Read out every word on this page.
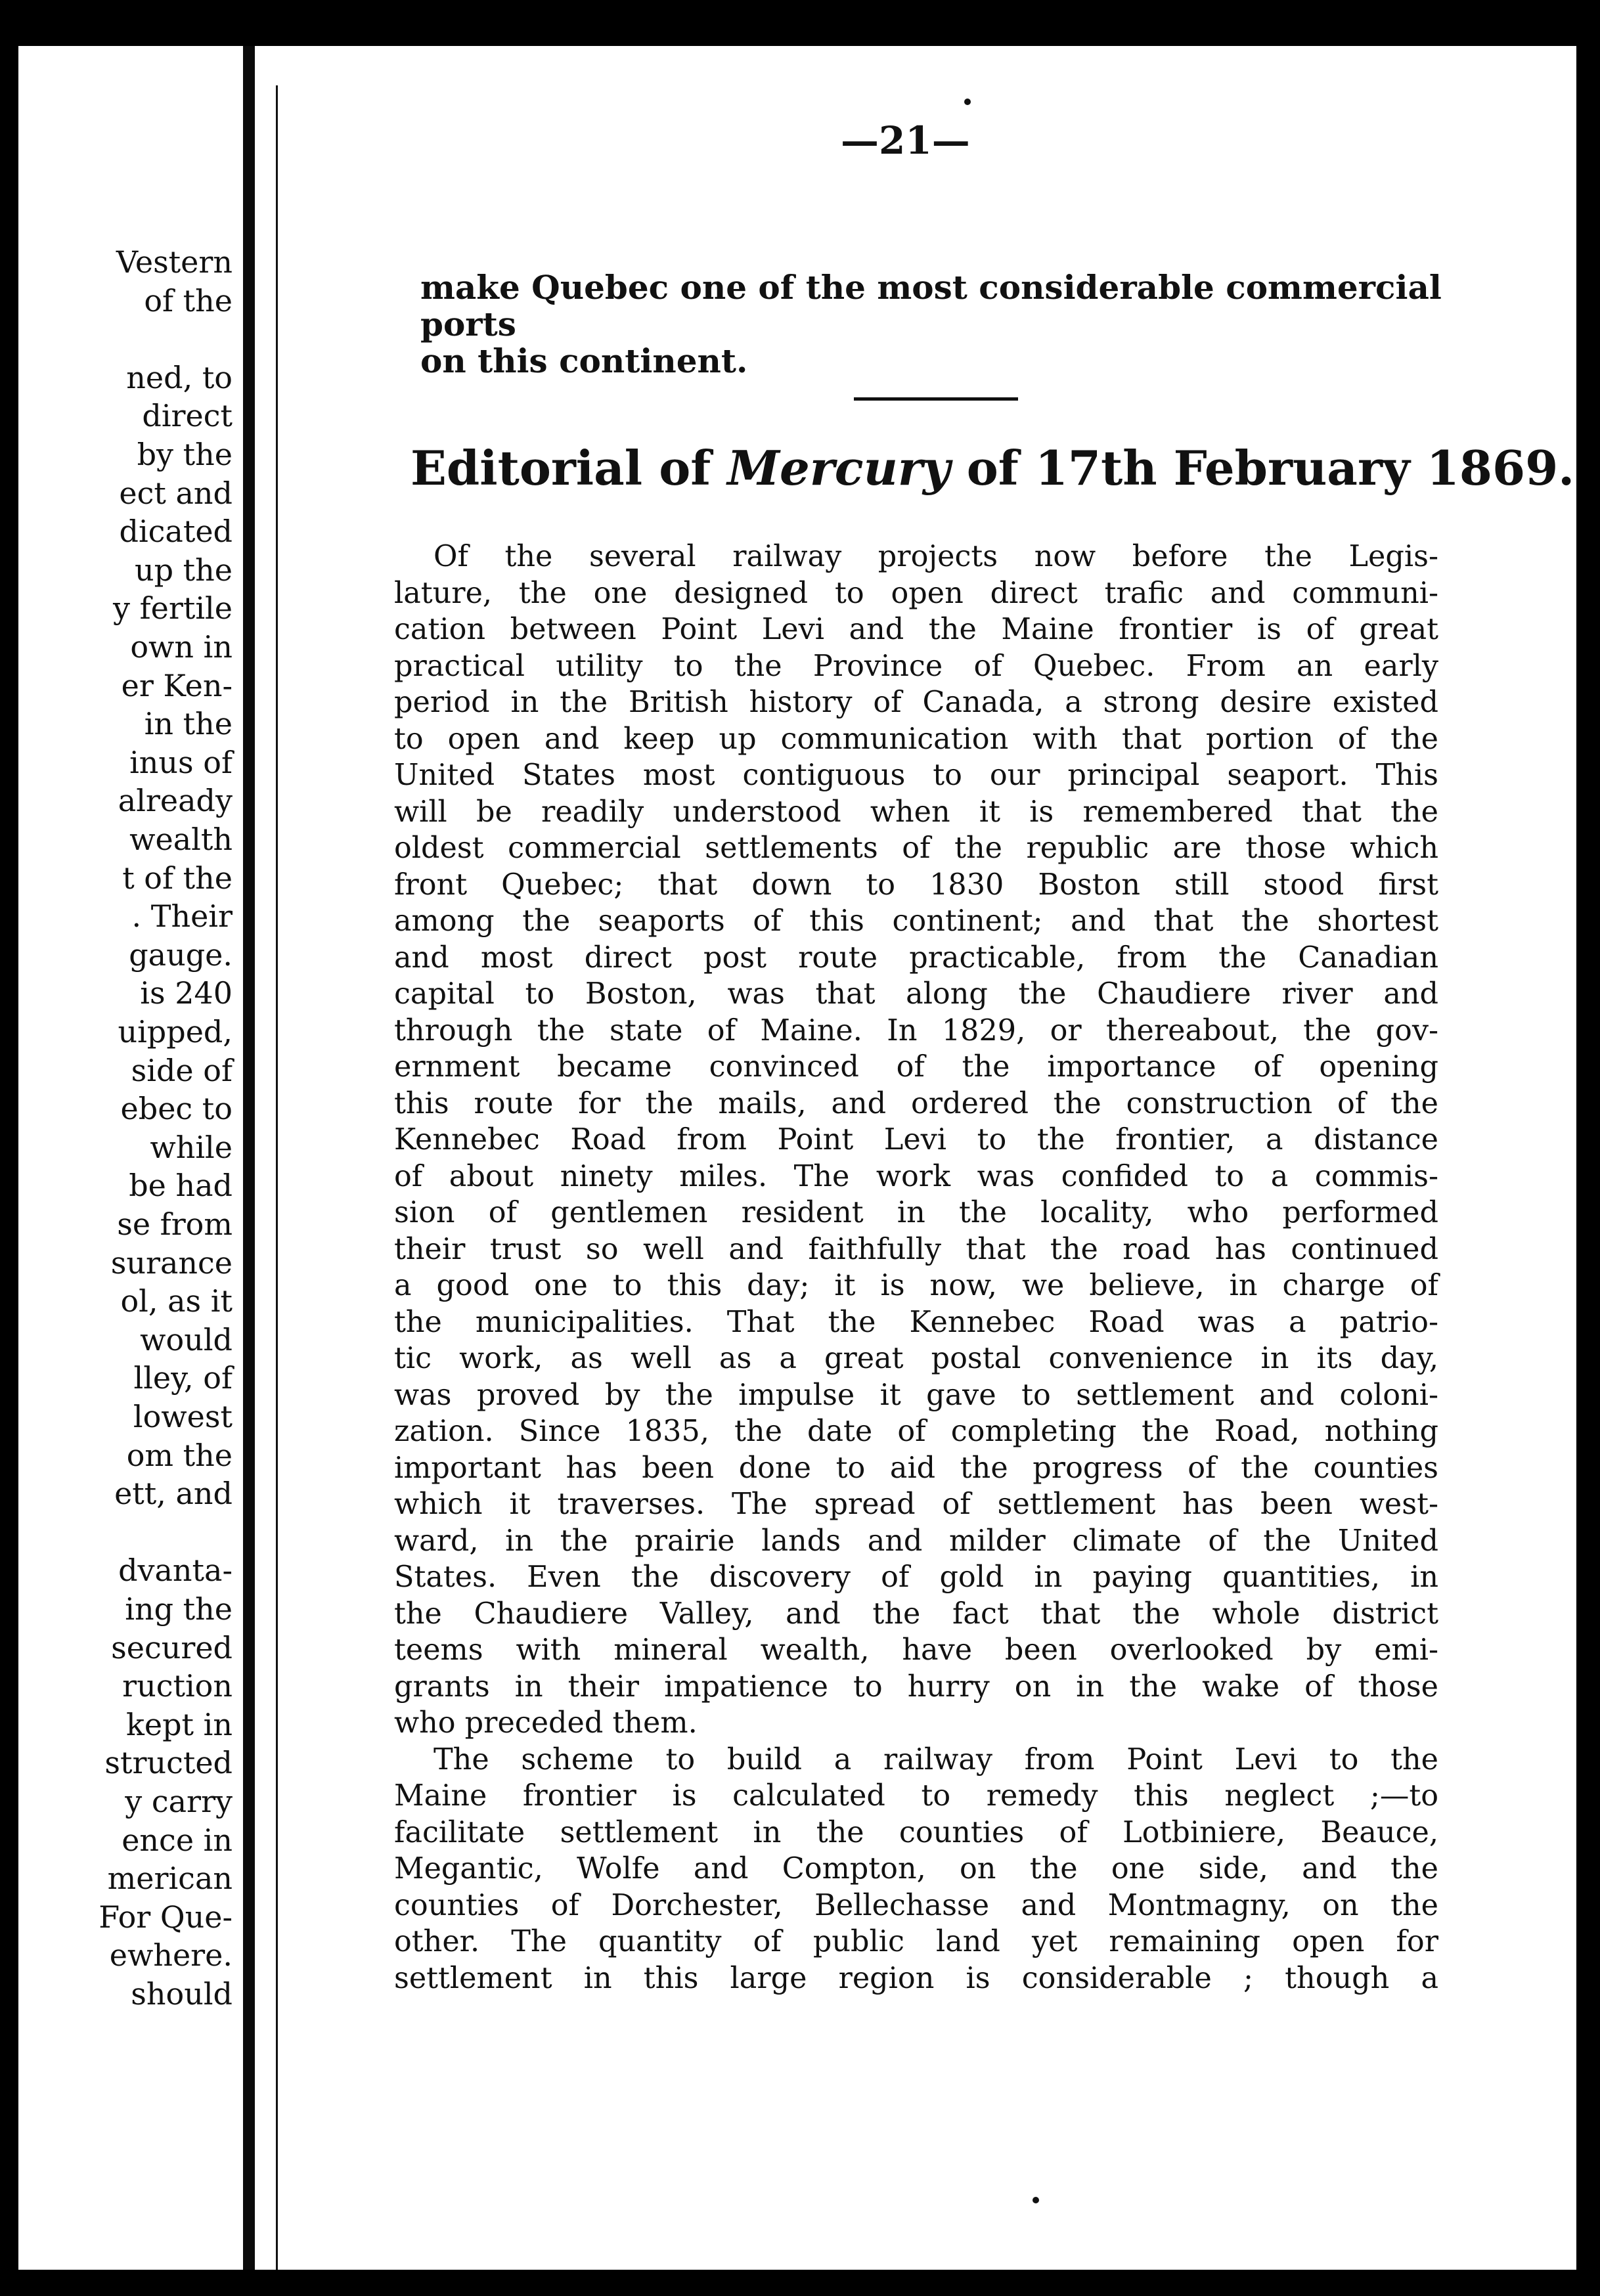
Vestern
of the
ned, to
direct
by the
ect and
dicated
up the
y fertile
own in
er Ken-
in the
inus of
already
wealth
t of the
. Their
gauge.
is 240
uipped,
side of
ebec to
while
be had
se from
surance
ol, as it
would
lley, of
lowest
om the
ett, and
dvanta-
ing the
secured
ruction
kept in
structed
y carry
ence in
merican
For Que-
ewhere.
should
—21—
make Quebec one of the most considerable commercial ports
on this continent.
Editorial of Mercury of 17th February 1869.
Of the several railway projects now before the Legis-
lature, the one designed to open direct trafic and communi-
cation between Point Levi and the Maine frontier is of great
practical utility to the Province of Quebec. From an early
period in the British history of Canada, a strong desire existed
to open and keep up communication with that portion of the
United States most contiguous to our principal seaport. This
will be readily understood when it is remembered that the
oldest commercial settlements of the republic are those which
front Quebec; that down to 1830 Boston still stood first
among the seaports of this continent; and that the shortest
and most direct post route practicable, from the Canadian
capital to Boston, was that along the Chaudiere river and
through the state of Maine. In 1829, or thereabout, the gov-
ernment became convinced of the importance of opening
this route for the mails, and ordered the construction of the
Kennebec Road from Point Levi to the frontier, a distance
of about ninety miles. The work was confided to a commis-
sion of gentlemen resident in the locality, who performed
their trust so well and faithfully that the road has continued
a good one to this day; it is now, we believe, in charge of
the municipalities. That the Kennebec Road was a patrio-
tic work, as well as a great postal convenience in its day,
was proved by the impulse it gave to settlement and coloni-
zation. Since 1835, the date of completing the Road, nothing
important has been done to aid the progress of the counties
which it traverses. The spread of settlement has been west-
ward, in the prairie lands and milder climate of the United
States. Even the discovery of gold in paying quantities, in
the Chaudiere Valley, and the fact that the whole district
teems with mineral wealth, have been overlooked by emi-
grants in their impatience to hurry on in the wake of those
who preceded them.
The scheme to build a railway from Point Levi to the
Maine frontier is calculated to remedy this neglect ;—to
facilitate settlement in the counties of Lotbiniere, Beauce,
Megantic, Wolfe and Compton, on the one side, and the
counties of Dorchester, Bellechasse and Montmagny, on the
other. The quantity of public land yet remaining open for
settlement in this large region is considerable ; though a
